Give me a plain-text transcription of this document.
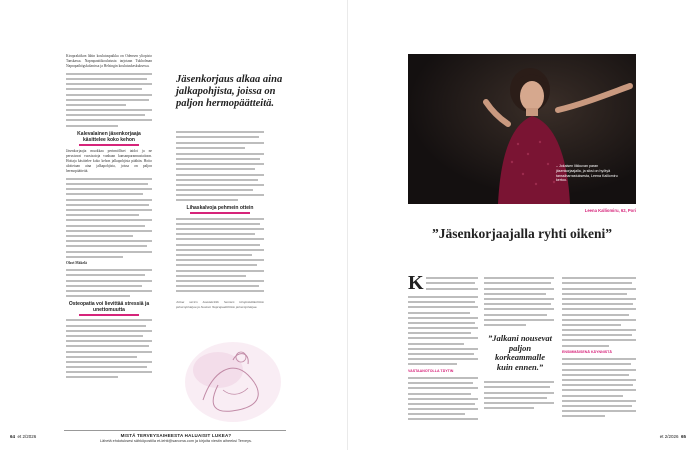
Kiropraktikon lähin koulutuspaikka on Odensen yliopisto Tanskassa. Naprapaattikoulutusta tarjotaan Tukholman Naprapathögskolanissa ja Helsingin koulutuskeskuksessa.

Kalevalainen jäsenkorjaaja käsittelee koko kehon

Jäsenkorjaajia muokkaa perinnölliset taidot ja ne perustuvat vuosisatoja vanhaan kansanparannustaitoon. Hoitaja käsittelee koko kehon jalkapohjista päähän. Hoito aloitetaan aina jalkapohjista, joissa on paljon hermopäätteitä.

Olavi Mäkelä

Osteopatia voi lievittää stressiä ja unettomuutta
Jäsenkorjaus alkaa aina jalkapohjista, joissa on paljon hermopäätteitä.
Lihaskalvoja pehmein ottein

Juttua varten haastateltiin Suomen kiropraktikkoliiton puheenjohtajaa ja Suomen Naprapaattiliiton puheenjohtajaa.

MISTÄ TERVEYSAIHEESTA HALUAISIT LUKEA?
Lähetä ehdotuksesi sähköpostilla et-lehti@sanoma.com ja kirjoita viestin aiheeksi Terveys.
64 et 2/2026
– Jokaisen liikkuvan paran jäsenkorjaajalla, ja siksi on hyötyä tanssiharrastuksesta, Leena Kalliomiru kertoo.
Leena Kalliomiru, 62, Pori
”Jäsenkorjaajalla ryhti oikeni”
K

VASTAANOTOLLA TÄYTIN

”Jalkani nousevat paljon korkeammalle kuin ennen.”

ENSIMMÄISENÄ KÄYNNISTÄ

et 2/2026 65
